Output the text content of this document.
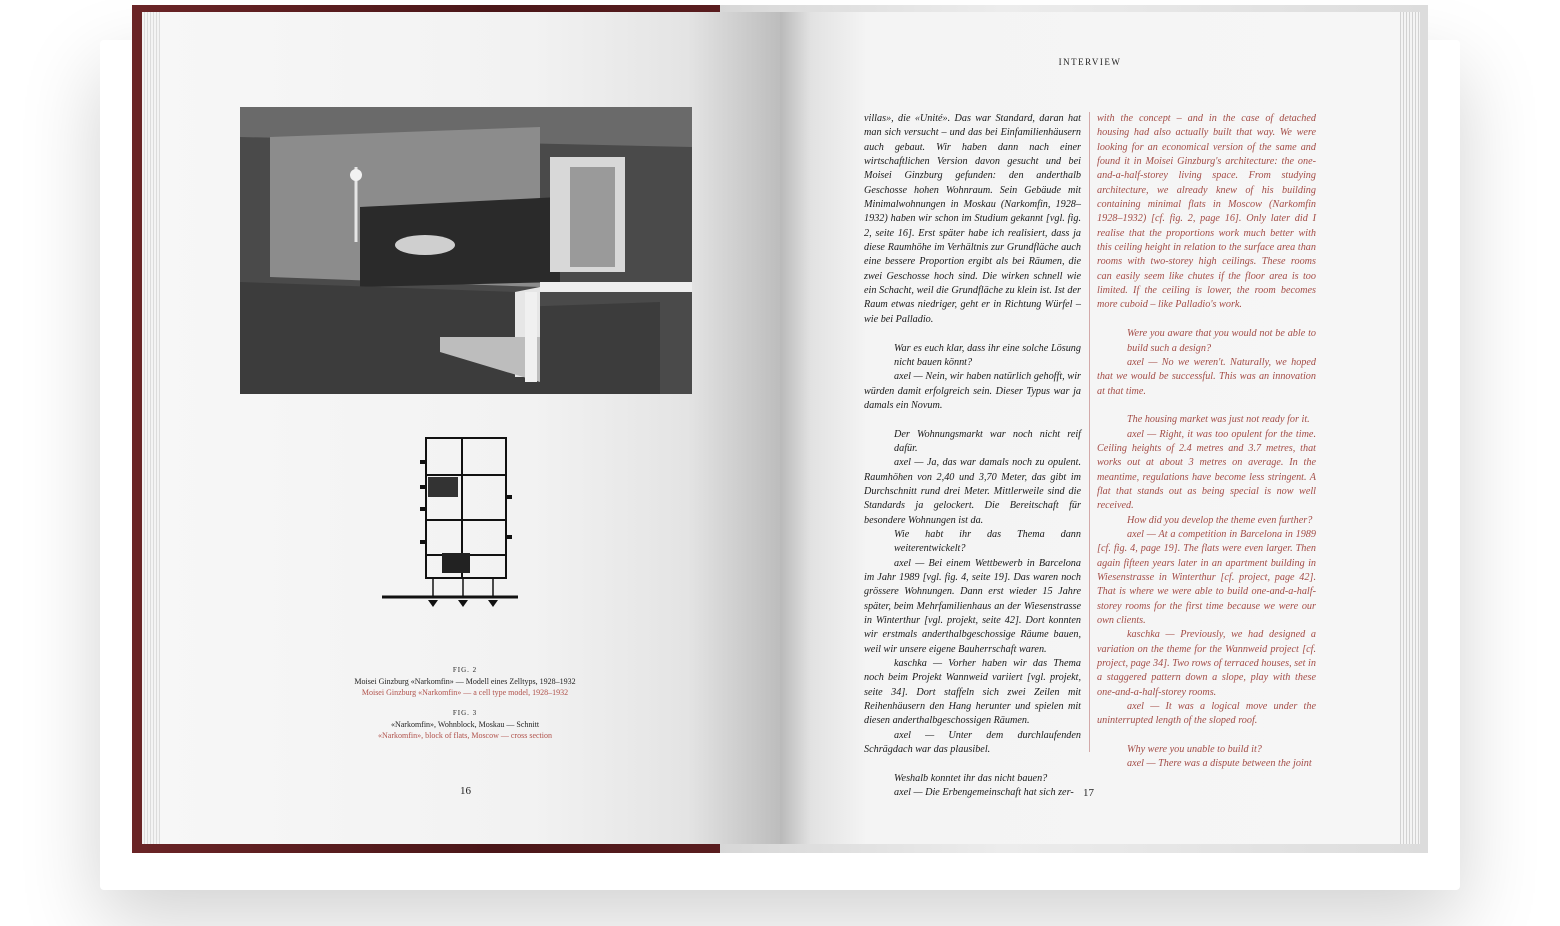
FIG. 2
Moisei Ginzburg «Narkomfin» — Modell eines Zelltyps, 1928–1932
Moisei Ginzburg «Narkomfin» — a cell type model, 1928–1932
FIG. 3
«Narkomfin», Wohnblock, Moskau — Schnitt
«Narkomfin», block of flats, Moscow — cross section
16	17
INTERVIEW

villas», die «Unité». Das war Standard, daran hat man sich versucht – und das bei Einfamilienhäusern auch gebaut. Wir haben dann nach einer wirtschaftlichen Version davon gesucht und bei Moisei Ginzburg gefunden: den anderthalb Geschosse hohen Wohnraum. Sein Gebäude mit Minimalwohnungen in Moskau (Narkomfin, 1928–1932) haben wir schon im Studium gekannt [vgl. fig. 2, seite 16]. Erst später habe ich realisiert, dass ja diese Raumhöhe im Verhältnis zur Grundfläche auch eine bessere Proportion ergibt als bei Räumen, die zwei Geschosse hoch sind. Die wirken schnell wie ein Schacht, weil die Grundfläche zu klein ist. Ist der Raum etwas niedriger, geht er in Richtung Würfel – wie bei Palladio.

War es euch klar, dass ihr eine solche Lösung nicht bauen könnt?

axel — Nein, wir haben natürlich gehofft, wir würden damit erfolgreich sein. Dieser Typus war ja damals ein Novum.

Der Wohnungsmarkt war noch nicht reif dafür.

axel — Ja, das war damals noch zu opulent. Raumhöhen von 2,40 und 3,70 Meter, das gibt im Durchschnitt rund drei Meter. Mittlerweile sind die Standards ja gelockert. Die Bereitschaft für besondere Wohnungen ist da.

Wie habt ihr das Thema dann weiterentwickelt?

axel — Bei einem Wettbewerb in Barcelona im Jahr 1989 [vgl. fig. 4, seite 19]. Das waren noch grössere Wohnungen. Dann erst wieder 15 Jahre später, beim Mehrfamilienhaus an der Wiesenstrasse in Winterthur [vgl. projekt, seite 42]. Dort konnten wir erstmals anderthalbgeschossige Räume bauen, weil wir unsere eigene Bauherrschaft waren.

kaschka — Vorher haben wir das Thema noch beim Projekt Wannweid variiert [vgl. projekt, seite 34]. Dort staffeln sich zwei Zeilen mit Reihenhäusern den Hang herunter und spielen mit diesen anderthalbgeschossigen Räumen.

axel — Unter dem durchlaufenden Schrägdach war das plausibel.

Weshalb konntet ihr das nicht bauen?

axel — Die Erbengemeinschaft hat sich zer-

with the concept – and in the case of detached housing had also actually built that way. We were looking for an economical version of the same and found it in Moisei Ginzburg's architecture: the one-and-a-half-storey living space. From studying architecture, we already knew of his building containing minimal flats in Moscow (Narkomfin 1928–1932) [cf. fig. 2, page 16]. Only later did I realise that the proportions work much better with this ceiling height in relation to the surface area than rooms with two-storey high ceilings. These rooms can easily seem like chutes if the floor area is too limited. If the ceiling is lower, the room becomes more cuboid – like Palladio's work.

Were you aware that you would not be able to build such a design?

axel — No we weren't. Naturally, we hoped that we would be successful. This was an innovation at that time.

The housing market was just not ready for it.

axel — Right, it was too opulent for the time. Ceiling heights of 2.4 metres and 3.7 metres, that works out at about 3 metres on average. In the meantime, regulations have become less stringent. A flat that stands out as being special is now well received.

How did you develop the theme even further?

axel — At a competition in Barcelona in 1989 [cf. fig. 4, page 19]. The flats were even larger. Then again fifteen years later in an apartment building in Wiesenstrasse in Winterthur [cf. project, page 42]. That is where we were able to build one-and-a-half-storey rooms for the first time because we were our own clients.

kaschka — Previously, we had designed a variation on the theme for the Wannweid project [cf. project, page 34]. Two rows of terraced houses, set in a staggered pattern down a slope, play with these one-and-a-half-storey rooms.

axel — It was a logical move under the uninterrupted length of the sloped roof.

Why were you unable to build it?

axel — There was a dispute between the joint
